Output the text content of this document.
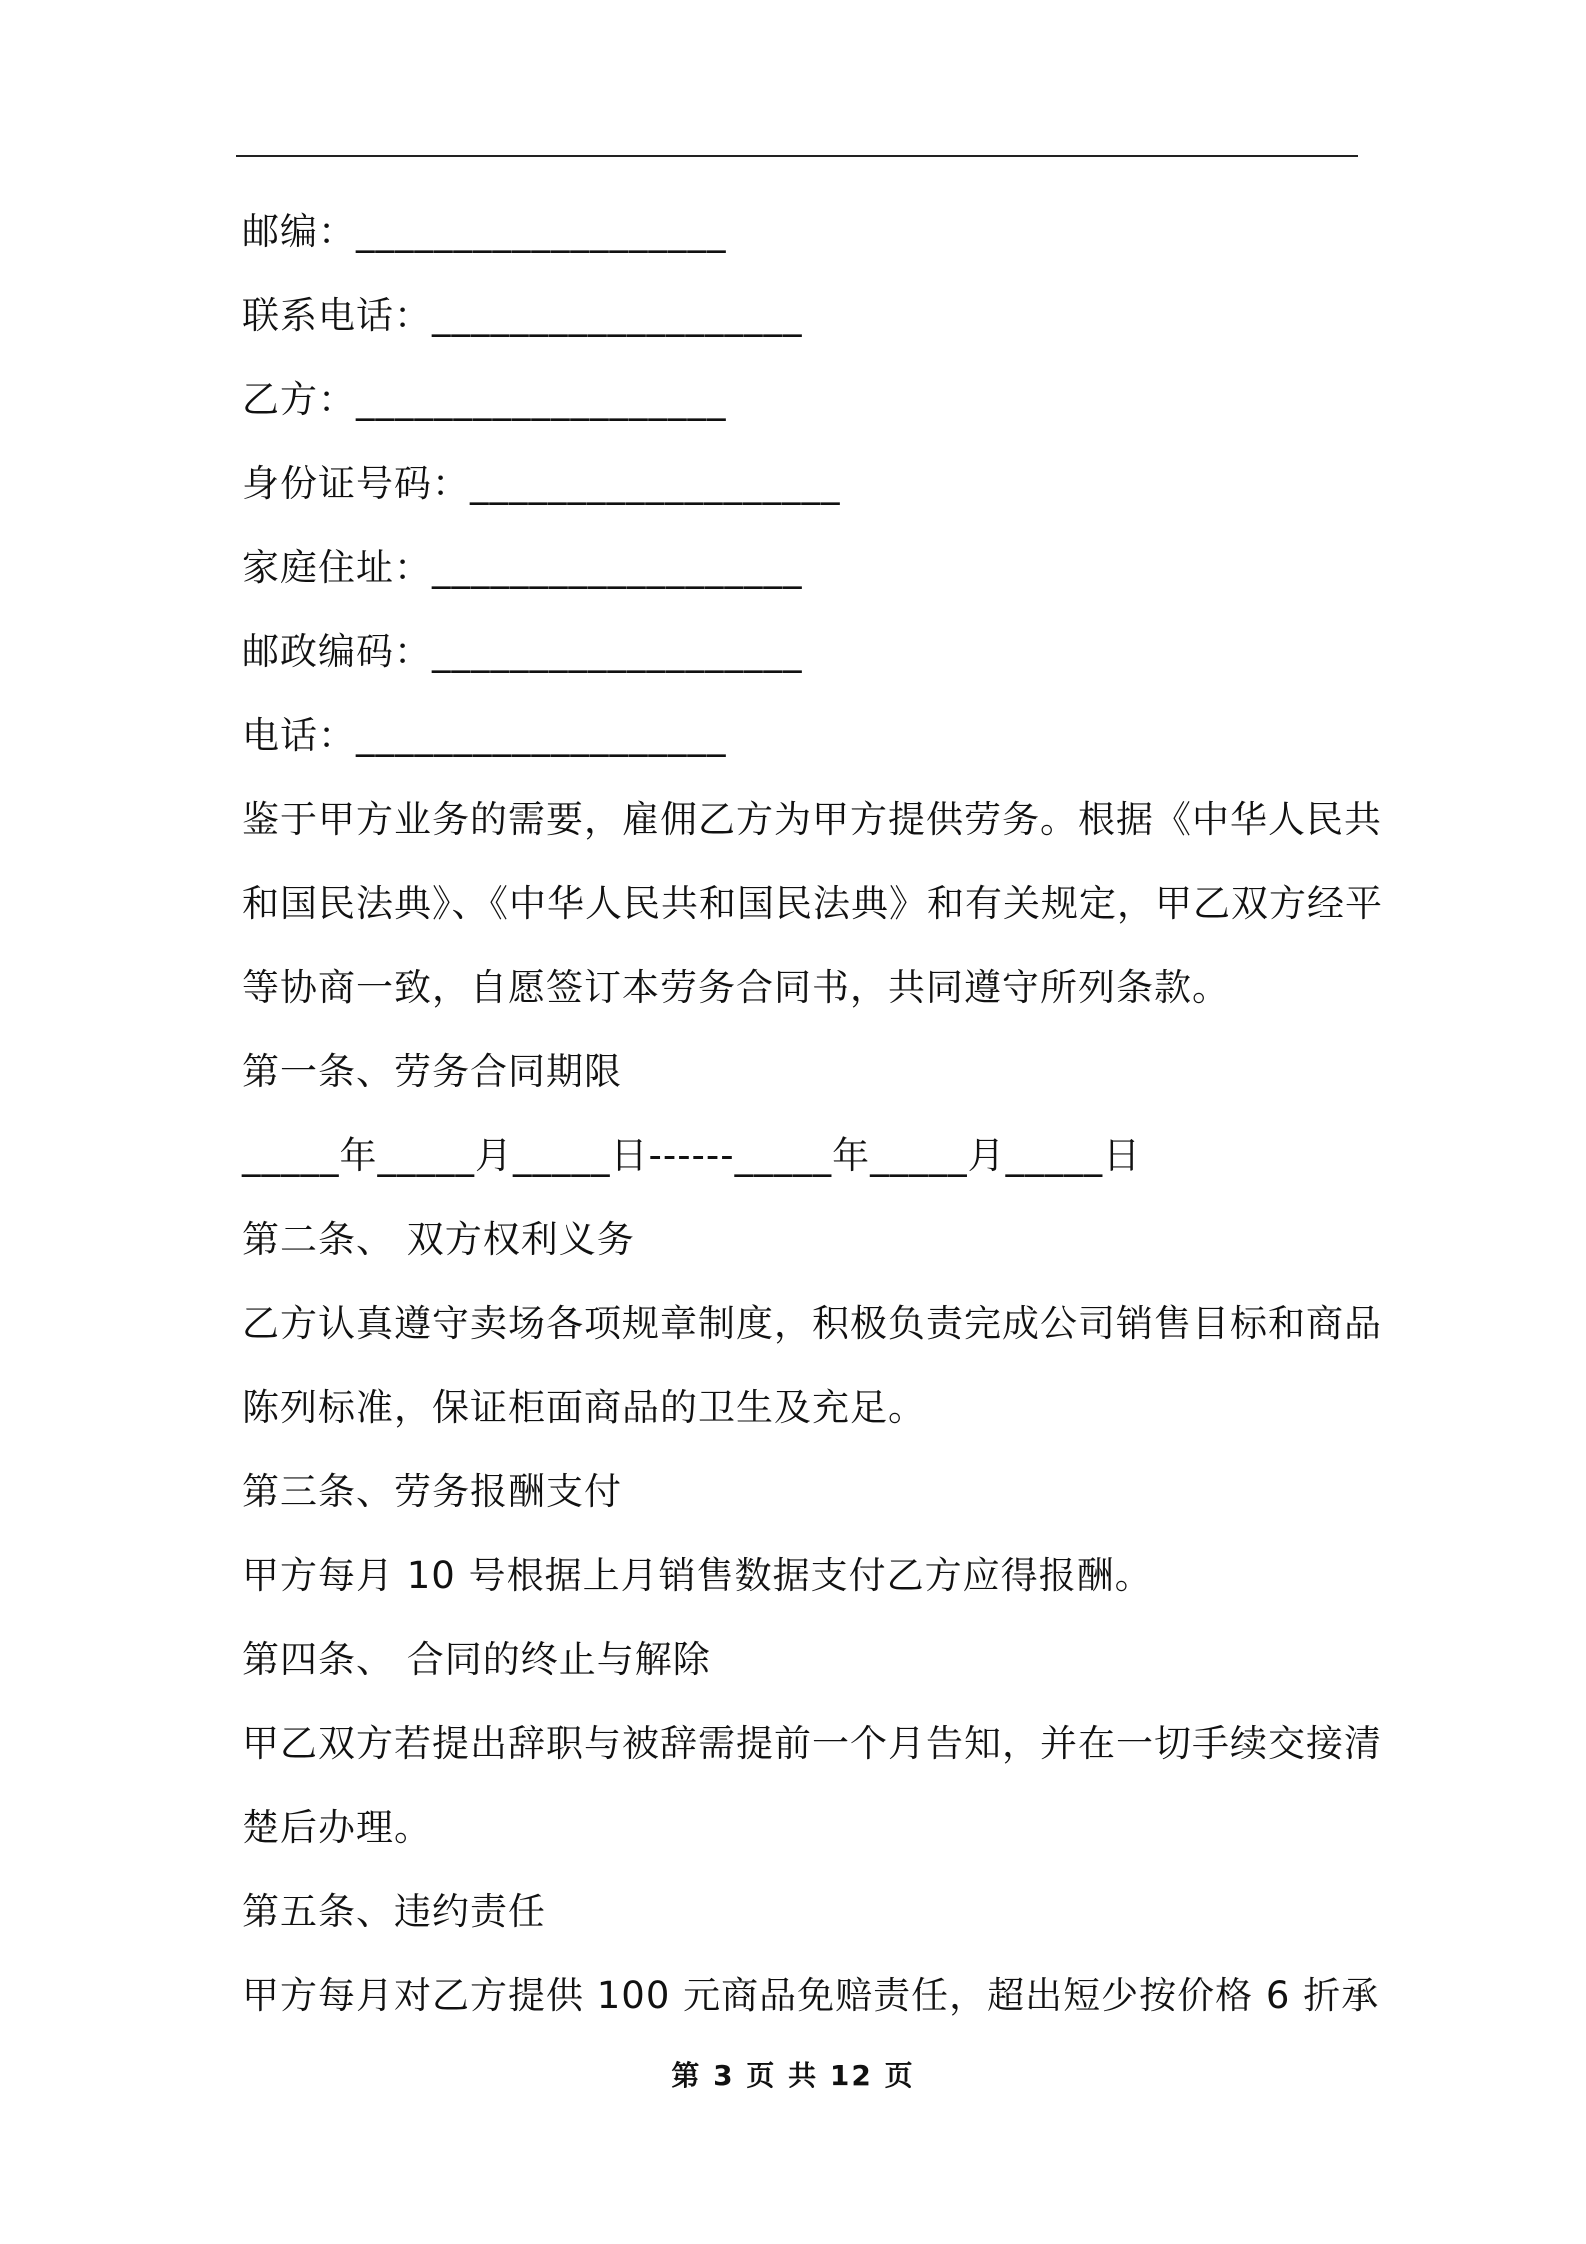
邮编：___________________
联系电话：___________________
乙方：___________________
身份证号码：___________________
家庭住址：___________________
邮政编码：___________________
电话：___________________
鉴于甲方业务的需要，雇佣乙方为甲方提供劳务。根据《中华人民共
和国民法典》、《中华人民共和国民法典》和有关规定，甲乙双方经平
等协商一致，自愿签订本劳务合同书，共同遵守所列条款。
第一条、劳务合同期限
_____年_____月_____日------_____年_____月_____日
第二条、 双方权利义务
乙方认真遵守卖场各项规章制度，积极负责完成公司销售目标和商品
陈列标准，保证柜面商品的卫生及充足。
第三条、劳务报酬支付
甲方每月 10 号根据上月销售数据支付乙方应得报酬。
第四条、 合同的终止与解除
甲乙双方若提出辞职与被辞需提前一个月告知，并在一切手续交接清
楚后办理。
第五条、违约责任
甲方每月对乙方提供 100 元商品免赔责任，超出短少按价格 6 折承
第 3 页 共 12 页
